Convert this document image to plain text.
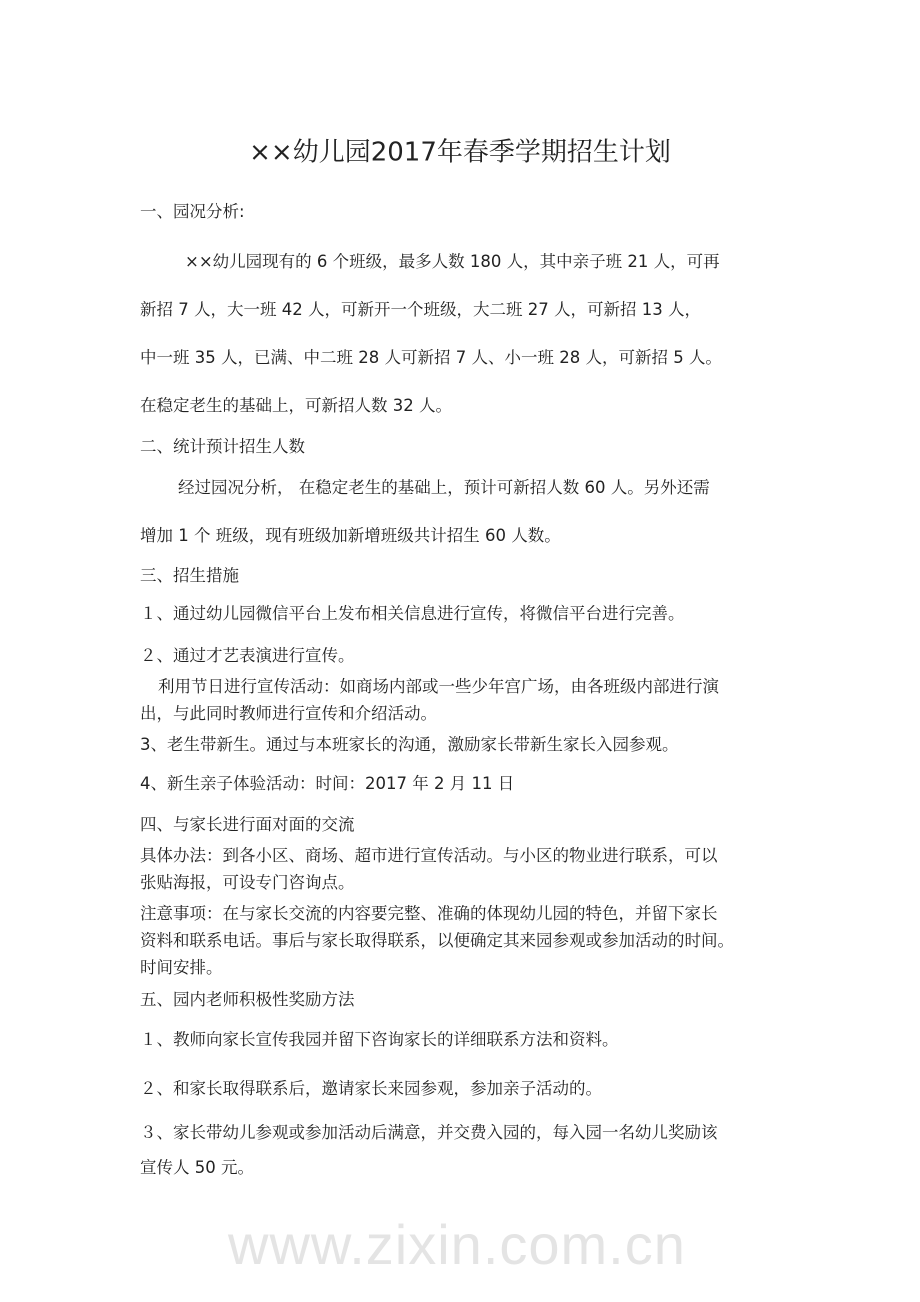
××幼儿园2017年春季学期招生计划
一、园况分析:
××幼儿园现有的 6 个班级，最多人数 180 人，其中亲子班 21 人，可再
新招 7 人，大一班 42 人，可新开一个班级，大二班 27 人，可新招 13 人，
中一班 35 人，已满、中二班 28 人可新招 7 人、小一班 28 人，可新招 5 人。
在稳定老生的基础上，可新招人数 32 人。
二、统计预计招生人数
经过园况分析， 在稳定老生的基础上，预计可新招人数 60 人。另外还需
增加 1 个 班级，现有班级加新增班级共计招生 60 人数。
三、招生措施
１、通过幼儿园微信平台上发布相关信息进行宣传，将微信平台进行完善。
２、通过才艺表演进行宣传。
利用节日进行宣传活动：如商场内部或一些少年宫广场，由各班级内部进行演
出，与此同时教师进行宣传和介绍活动。
3、老生带新生。通过与本班家长的沟通，激励家长带新生家长入园参观。
4、新生亲子体验活动：时间：2017 年 2 月 11 日
四、与家长进行面对面的交流
具体办法：到各小区、商场、超市进行宣传活动。与小区的物业进行联系，可以
张贴海报，可设专门咨询点。
注意事项：在与家长交流的内容要完整、准确的体现幼儿园的特色，并留下家长
资料和联系电话。事后与家长取得联系，以便确定其来园参观或参加活动的时间。
时间安排。
五、园内老师积极性奖励方法
１、教师向家长宣传我园并留下咨询家长的详细联系方法和资料。
２、和家长取得联系后，邀请家长来园参观，参加亲子活动的。
３、家长带幼儿参观或参加活动后满意，并交费入园的，每入园一名幼儿奖励该
宣传人 50 元。
www.zixin.com.cn
